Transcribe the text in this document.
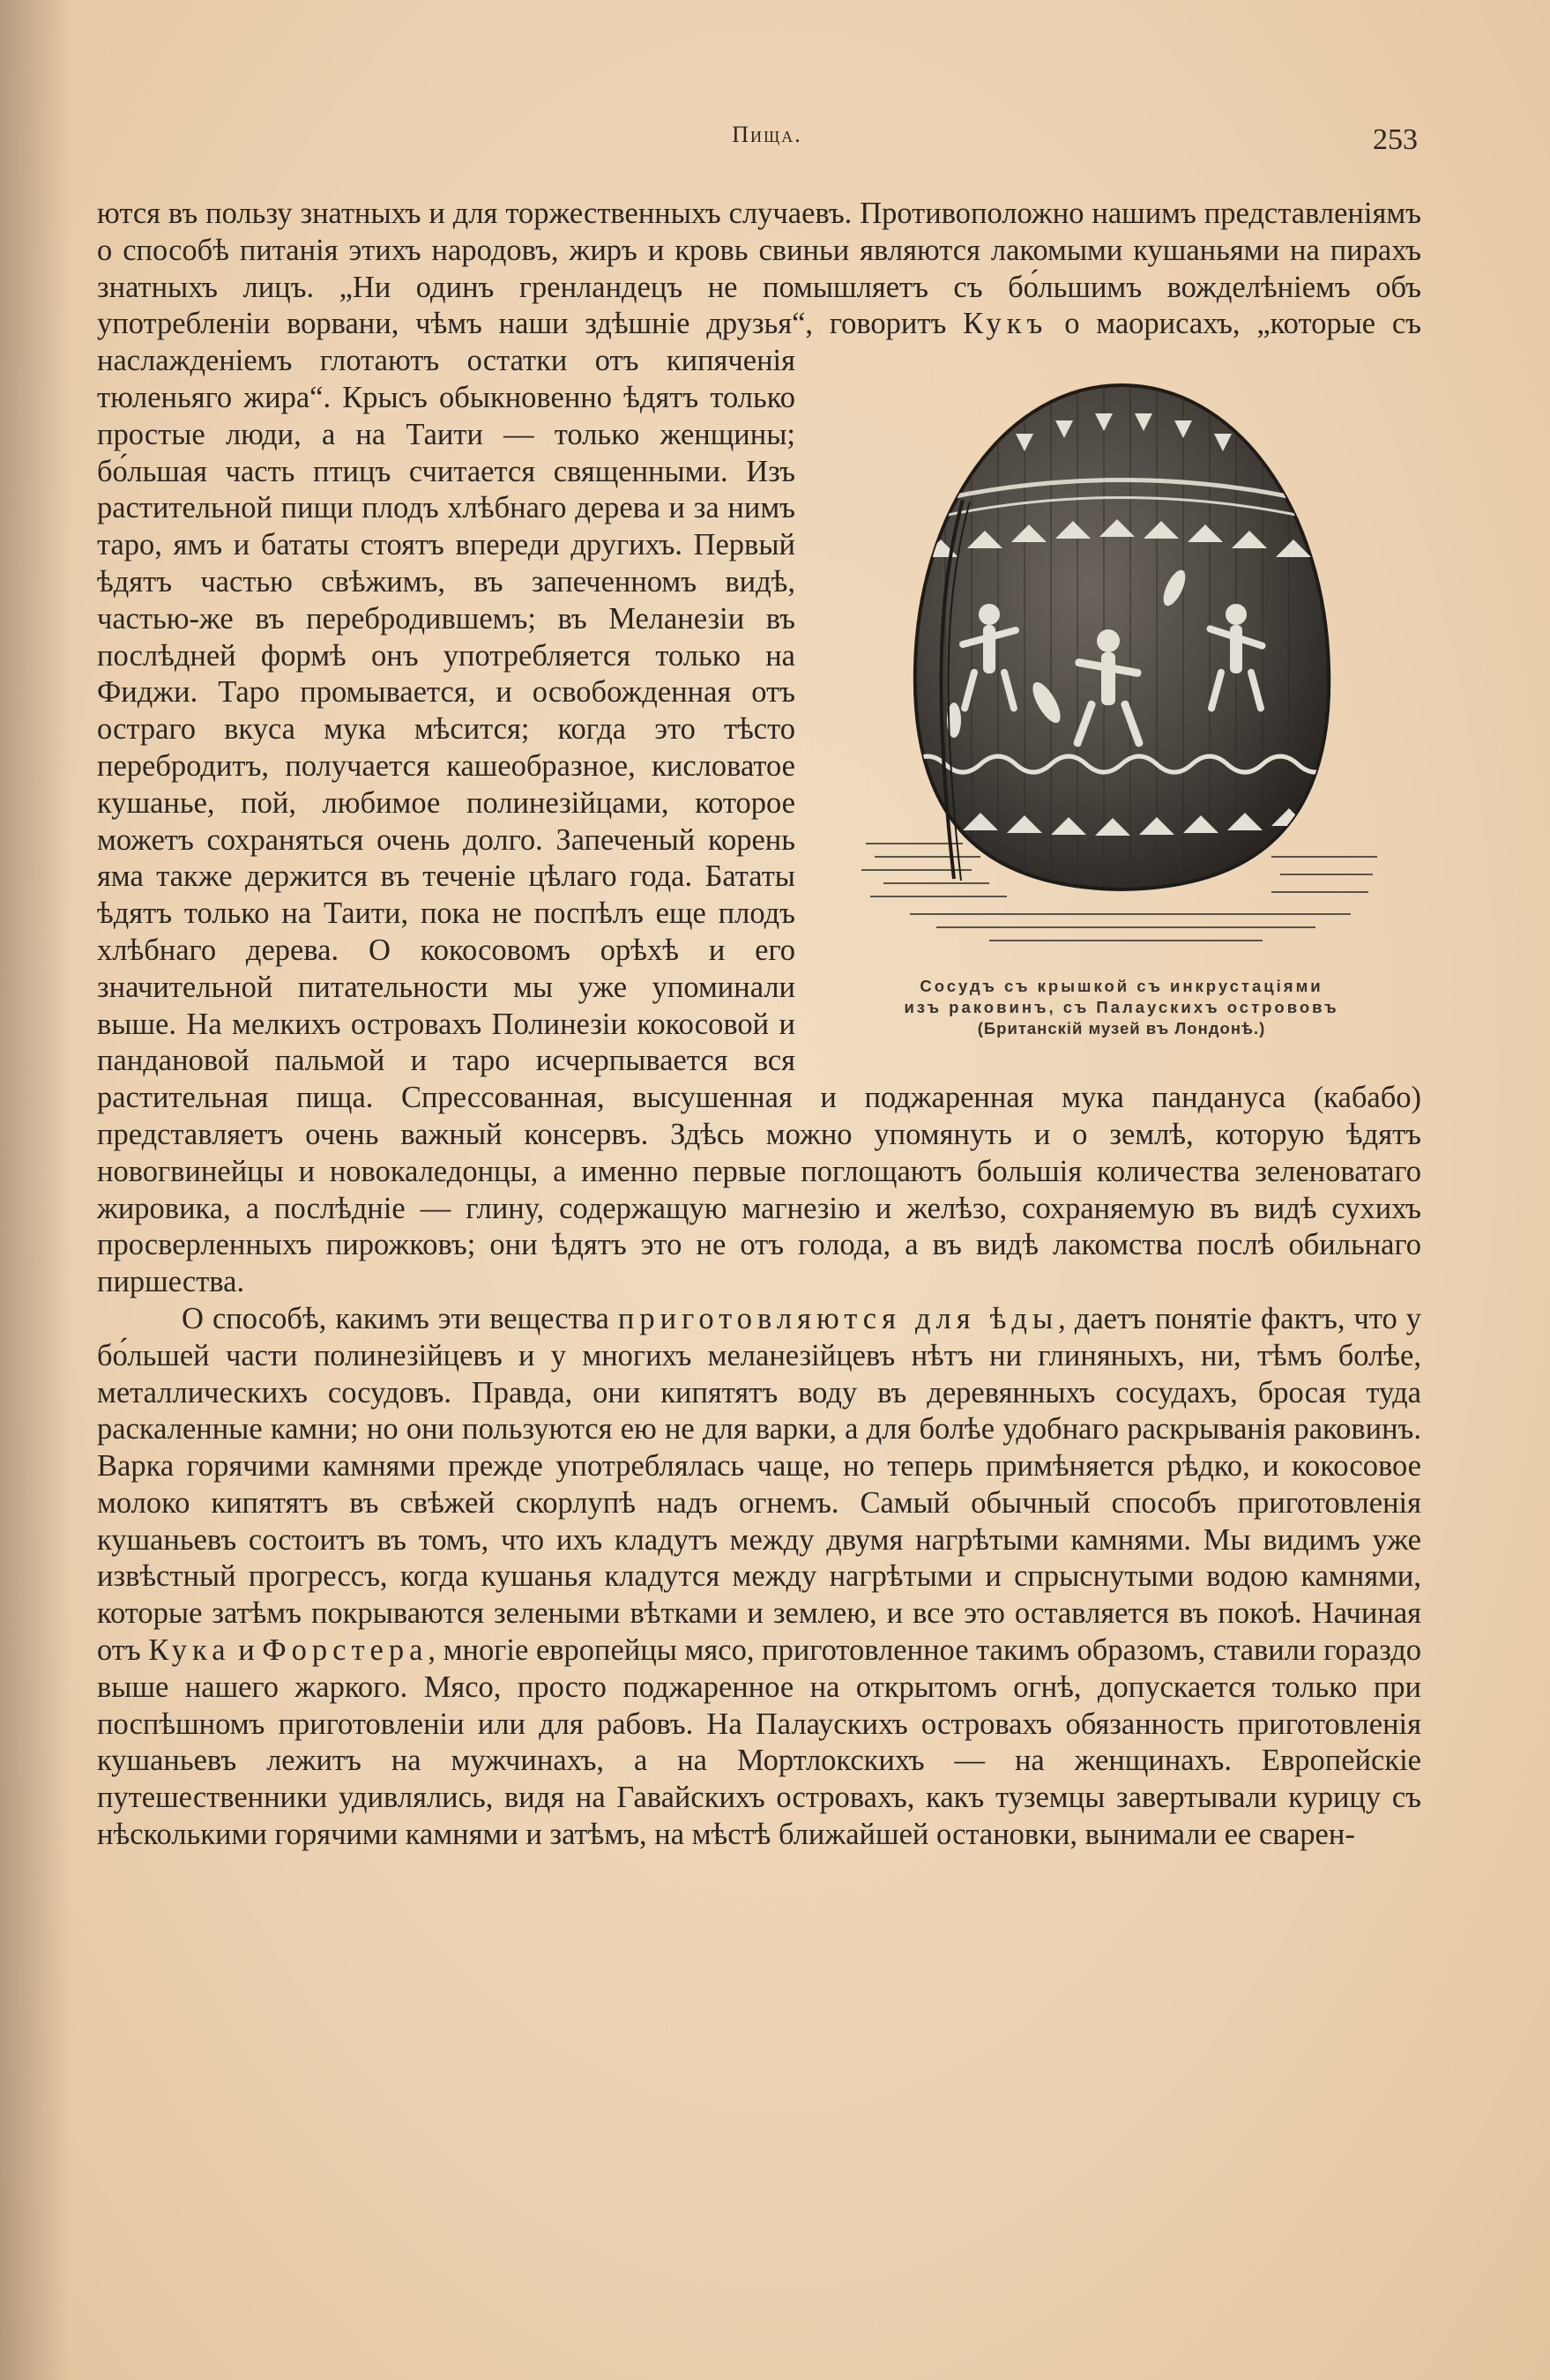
Пища.	253

ются въ пользу знатныхъ и для торжественныхъ случаевъ. Противоположно нашимъ представленіямъ о способѣ питанія этихъ народовъ, жиръ и кровь свиньи являются лакомыми кушаньями на пирахъ знатныхъ лицъ. „Ни одинъ гренландецъ не помышляетъ съ бо́льшимъ вожделѣніемъ объ употребленіи ворвани, чѣмъ наши здѣшніе друзья“, говоритъ Кукъ
Сосудъ съ крышкой съ инкрустаціями
изъ раковинъ, съ Палаускихъ острововъ
(Британскій музей въ Лондонѣ.)
о маорисахъ, „которые съ наслажденіемъ глотаютъ остатки отъ кипяченія тюленьяго жира“. Крысъ обыкновенно ѣдятъ только простые люди, а на Таити — только женщины; бо́льшая часть птицъ считается священными. Изъ растительной пищи плодъ хлѣбнаго дерева и за нимъ таро, ямъ и бататы стоятъ впереди другихъ. Первый ѣдятъ частью свѣжимъ, въ запеченномъ видѣ, частью-же въ перебродившемъ; въ Меланезіи въ послѣдней формѣ онъ употребляется только на Фиджи. Таро промывается, и освобожденная отъ остраго вкуса мука мѣсится; когда это тѣсто перебродитъ, получается кашеобразное, кисловатое кушанье, пой, любимое полинезійцами, которое можетъ сохраняться очень долго. Запеченый корень яма также держится въ теченіе цѣлаго года. Бататы ѣдятъ только на Таити, пока не поспѣлъ еще плодъ хлѣбнаго дерева. О кокосовомъ орѣхѣ и его значительной питательности мы уже упоминали выше. На мелкихъ островахъ Полинезіи кокосовой и пандановой пальмой и таро исчерпывается вся растительная пища. Спрессованная, высушенная и поджаренная мука пандануса (кабабо) представляетъ очень важный консервъ. Здѣсь можно упомянуть и о землѣ, которую ѣдятъ новогвинейцы и новокаледонцы, а именно первые поглощаютъ большія количества зеленоватаго жировика, а послѣдніе — глину, содержащую магнезію и желѣзо, сохраняемую въ видѣ сухихъ просверленныхъ пирожковъ; они ѣдятъ это не отъ голода, а въ видѣ лакомства послѣ обильнаго пиршества.

О способѣ, какимъ эти вещества приготовляются для ѣды, даетъ понятіе фактъ, что у бо́льшей части полинезійцевъ и у многихъ меланезійцевъ нѣтъ ни глиняныхъ, ни, тѣмъ болѣе, металлическихъ сосудовъ. Правда, они кипятятъ воду въ деревянныхъ сосудахъ, бросая туда раскаленные камни; но они пользуются ею не для варки, а для болѣе удобнаго раскрыванія раковинъ. Варка горячими камнями прежде употреблялась чаще, но теперь примѣняется рѣдко, и кокосовое молоко кипятятъ въ свѣжей скорлупѣ надъ огнемъ. Самый обычный способъ приготовленія кушаньевъ состоитъ въ томъ, что ихъ кладутъ между двумя нагрѣтыми камнями. Мы видимъ уже извѣстный прогрессъ, когда кушанья кладутся между нагрѣтыми и спрыснутыми водою камнями, которые затѣмъ покрываются зелеными вѣтками и землею, и все это оставляется въ покоѣ. Начиная отъ Кука и Форстера, многіе европейцы мясо, приготовленное такимъ образомъ, ставили гораздо выше нашего жаркого. Мясо, просто поджаренное на открытомъ огнѣ, допускается только при поспѣшномъ приготовленіи или для рабовъ. На Палаускихъ островахъ обязанность приготовленія кушаньевъ лежитъ на мужчинахъ, а на Мортлокскихъ — на женщинахъ. Европейскіе путешественники удивлялись, видя на Гавайскихъ островахъ, какъ туземцы завертывали курицу съ нѣсколькими горячими камнями и затѣмъ, на мѣстѣ ближайшей остановки, вынимали ее сварен-
